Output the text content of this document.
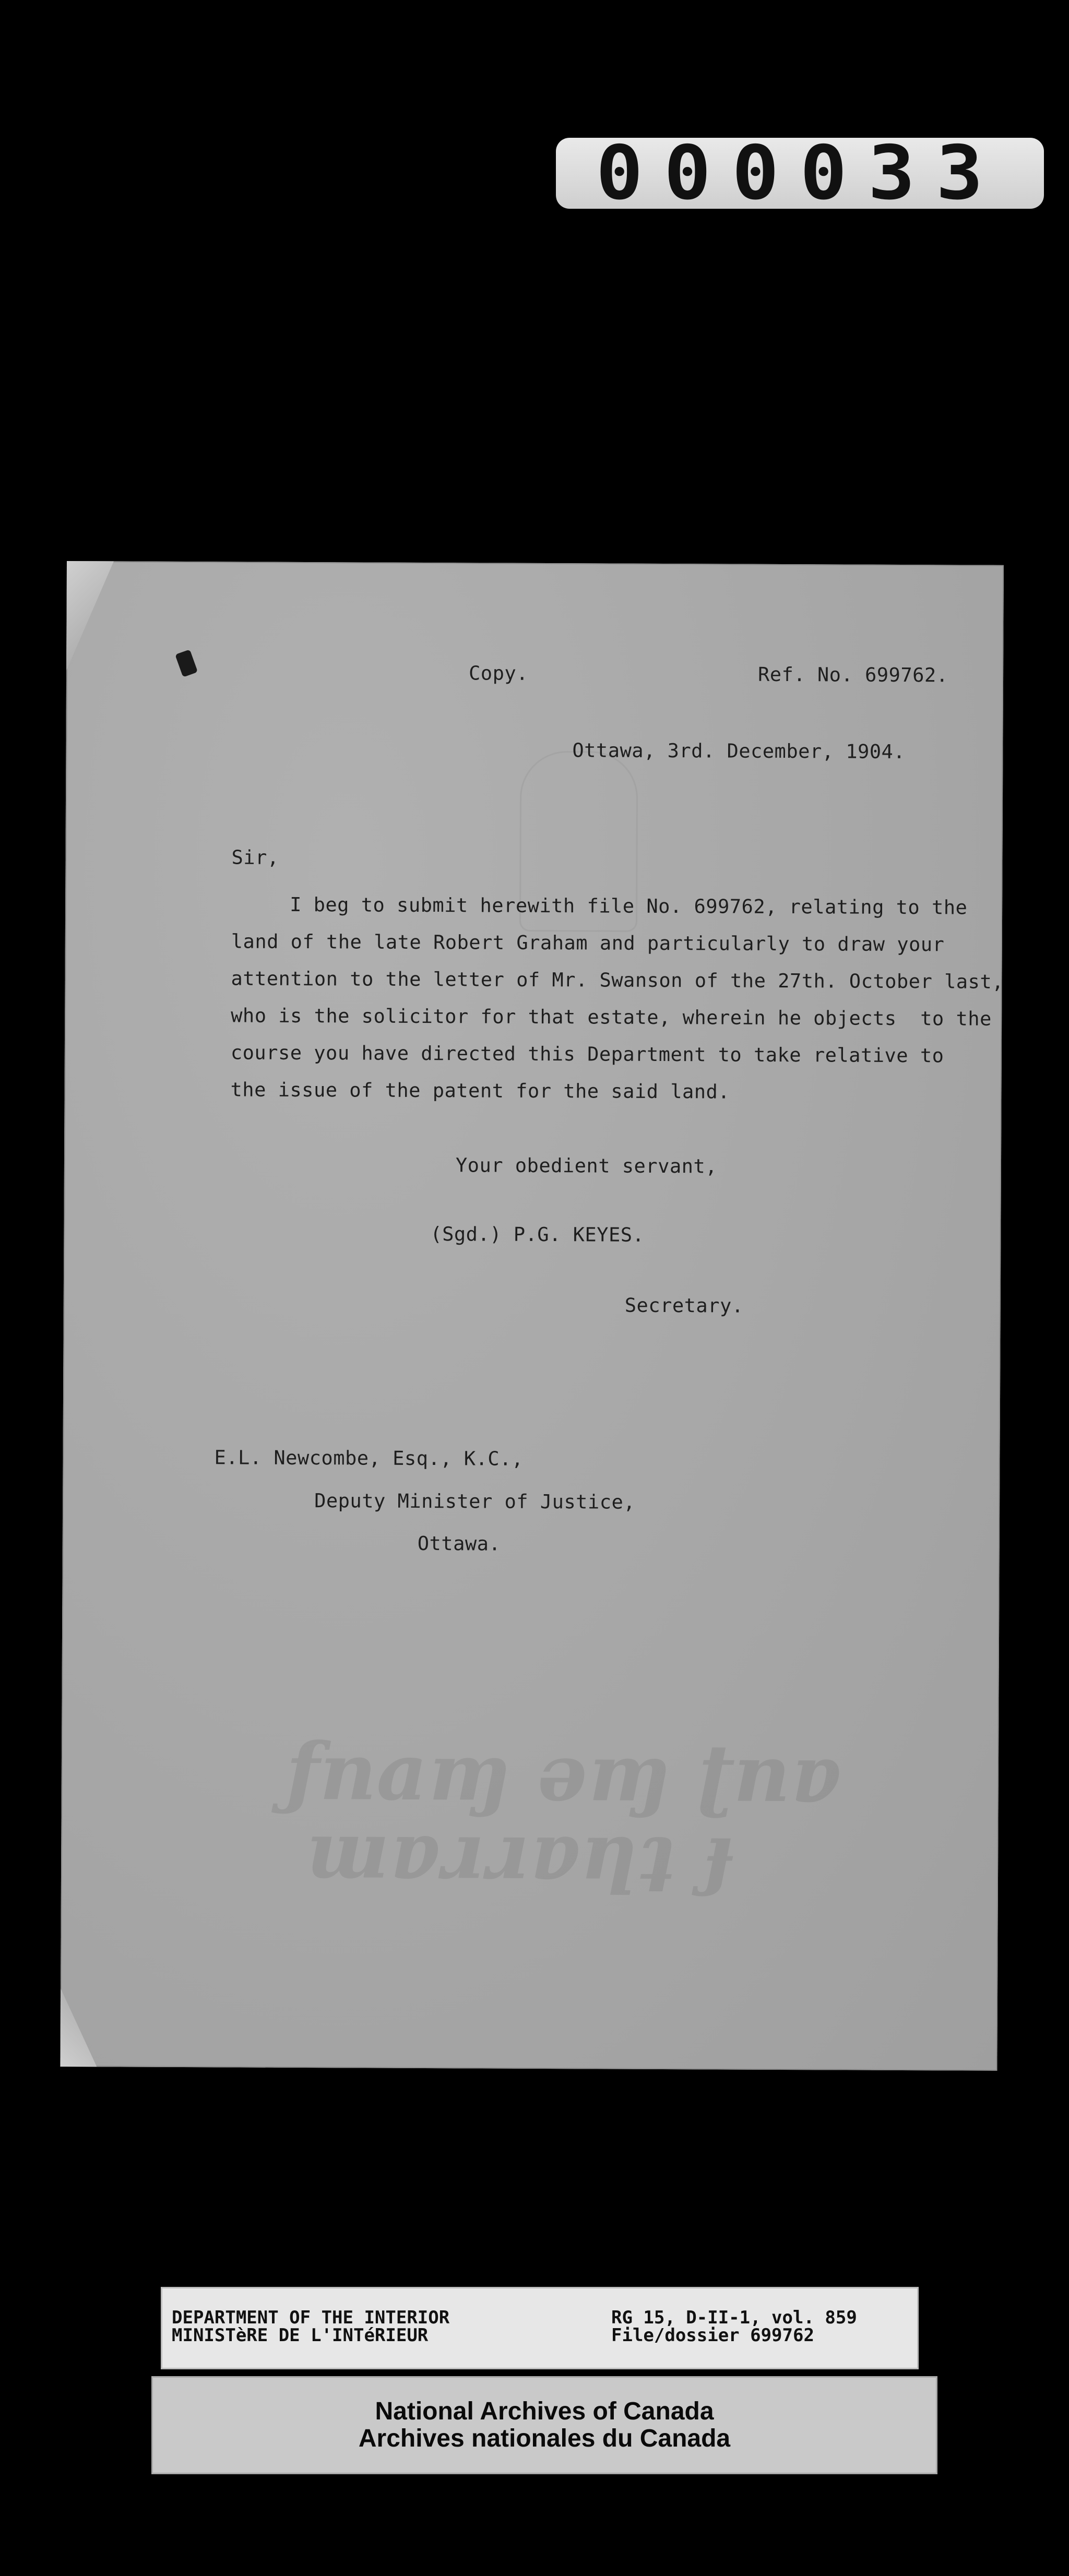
000033
ƒnaɱ əɱ ʈnɐ
ɯɐɹɹɐƞʇ ɟ
Copy.	Ref. No. 699762.
Ottawa, 3rd. December, 1904.
Sir,
I beg to submit herewith file No. 699762, relating to the
land of the late Robert Graham and particularly to draw your
attention to the letter of Mr. Swanson of the 27th. October last,
who is the solicitor for that estate, wherein he objects  to the
course you have directed this Department to take relative to
the issue of the patent for the said land.
Your obedient servant,
(Sgd.) P.G. KEYES.
Secretary.
E.L. Newcombe, Esq., K.C.,
Deputy Minister of Justice,
Ottawa.
DEPARTMENT OF THE INTERIOR
MINISTèRE DE L'INTéRIEUR
RG 15, D-II-1, vol. 859
File/dossier 699762
National Archives of Canada
Archives nationales du Canada
